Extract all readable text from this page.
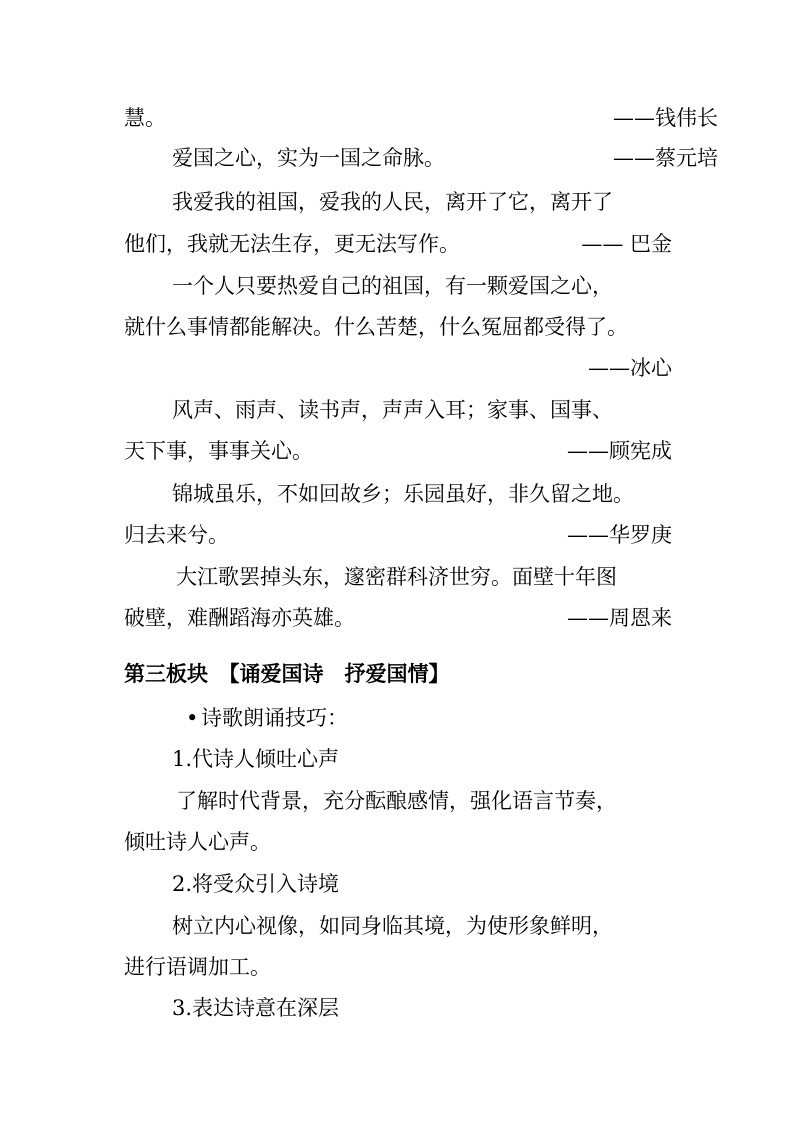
慧。	——钱伟长
爱国之心，实为一国之命脉。	——蔡元培
我爱我的祖国，爱我的人民，离开了它，离开了
他们，我就无法生存，更无法写作。	—— 巴金
一个人只要热爱自己的祖国，有一颗爱国之心，
就什么事情都能解决。什么苦楚，什么冤屈都受得了。
——冰心
风声、雨声、读书声，声声入耳；家事、国事、
天下事，事事关心。	——顾宪成
锦城虽乐，不如回故乡；乐园虽好，非久留之地。
归去来兮。	——华罗庚
大江歌罢掉头东，邃密群科济世穷。面壁十年图
破壁，难酬蹈海亦英雄。	——周恩来
第三板块　【诵爱国诗　抒爱国情】
• 诗歌朗诵技巧：
1.代诗人倾吐心声
了解时代背景，充分酝酿感情，强化语言节奏，
倾吐诗人心声。
2.将受众引入诗境
树立内心视像，如同身临其境，为使形象鲜明，
进行语调加工。
3.表达诗意在深层
